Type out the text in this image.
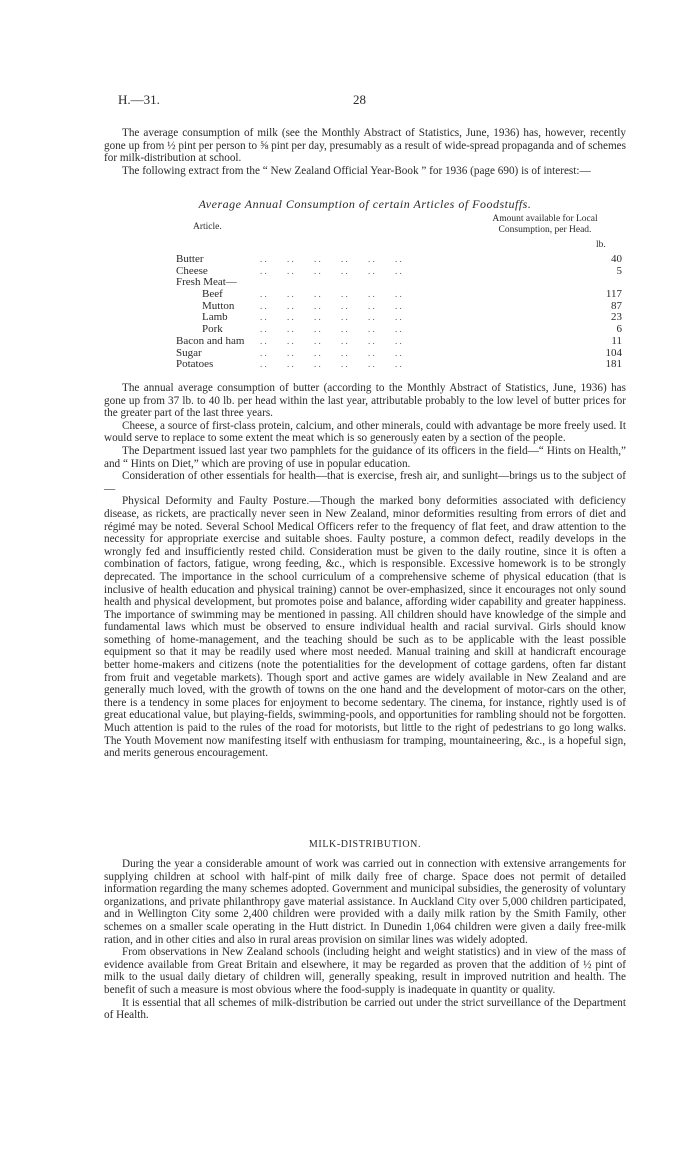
H.—31.	28

The average consumption of milk (see the Monthly Abstract of Statistics, June, 1936) has, however, recently gone up from ½ pint per person to ⅝ pint per day, presumably as a result of wide-spread propaganda and of schemes for milk-distribution at school.

The following extract from the “ New Zealand Official Year-Book ” for 1936 (page 690) is of interest:—

Average Annual Consumption of certain Articles of Foodstuffs.
Article.
Amount available for Local Consumption, per Head.
lb.
Butter	. .         . .         . .         . .         . .         . .	40
Cheese	. .         . .         . .         . .         . .         . .	5
Fresh Meat—
Beef	. .         . .         . .         . .         . .         . .	117
Mutton	. .         . .         . .         . .         . .         . .	87
Lamb	. .         . .         . .         . .         . .         . .	23
Pork	. .         . .         . .         . .         . .         . .	6
Bacon and ham . .         . .         . .         . .         . .         . .	11
Sugar	. .         . .         . .         . .         . .         . .	104
Potatoes	. .         . .         . .         . .         . .         . .	181

The annual average consumption of butter (according to the Monthly Abstract of Statistics, June, 1936) has gone up from 37 lb. to 40 lb. per head within the last year, attributable probably to the low level of butter prices for the greater part of the last three years.

Cheese, a source of first-class protein, calcium, and other minerals, could with advantage be more freely used. It would serve to replace to some extent the meat which is so generously eaten by a section of the people.

The Department issued last year two pamphlets for the guidance of its officers in the field—“ Hints on Health,” and “ Hints on Diet,” which are proving of use in popular education.

Consideration of other essentials for health—that is exercise, fresh air, and sunlight—brings us to the subject of—

Physical Deformity and Faulty Posture.—Though the marked bony deformities associated with deficiency disease, as rickets, are practically never seen in New Zealand, minor deformities resulting from errors of diet and régimé may be noted. Several School Medical Officers refer to the frequency of flat feet, and draw attention to the necessity for appropriate exercise and suitable shoes. Faulty posture, a common defect, readily develops in the wrongly fed and insufficiently rested child. Consideration must be given to the daily routine, since it is often a combination of factors, fatigue, wrong feeding, &c., which is responsible. Excessive homework is to be strongly deprecated. The importance in the school curriculum of a comprehensive scheme of physical education (that is inclusive of health education and physical training) cannot be over-emphasized, since it encourages not only sound health and physical development, but promotes poise and balance, affording wider capability and greater happiness. The importance of swimming may be mentioned in passing. All children should have knowledge of the simple and fundamental laws which must be observed to ensure individual health and racial survival. Girls should know something of home-management, and the teaching should be such as to be applicable with the least possible equipment so that it may be readily used where most needed. Manual training and skill at handicraft encourage better home-makers and citizens (note the potentialities for the development of cottage gardens, often far distant from fruit and vegetable markets). Though sport and active games are widely available in New Zealand and are generally much loved, with the growth of towns on the one hand and the development of motor-cars on the other, there is a tendency in some places for enjoyment to become sedentary. The cinema, for instance, rightly used is of great educational value, but playing-fields, swimming-pools, and opportunities for rambling should not be forgotten. Much attention is paid to the rules of the road for motorists, but little to the right of pedestrians to go long walks. The Youth Movement now manifesting itself with enthusiasm for tramping, mountaineering, &c., is a hopeful sign, and merits generous encouragement.

MILK-DISTRIBUTION.

During the year a considerable amount of work was carried out in connection with extensive arrangements for supplying children at school with half-pint of milk daily free of charge. Space does not permit of detailed information regarding the many schemes adopted. Government and municipal subsidies, the generosity of voluntary organizations, and private philanthropy gave material assistance. In Auckland City over 5,000 children participated, and in Wellington City some 2,400 children were provided with a daily milk ration by the Smith Family, other schemes on a smaller scale operating in the Hutt district. In Dunedin 1,064 children were given a daily free-milk ration, and in other cities and also in rural areas provision on similar lines was widely adopted.

From observations in New Zealand schools (including height and weight statistics) and in view of the mass of evidence available from Great Britain and elsewhere, it may be regarded as proven that the addition of ½ pint of milk to the usual daily dietary of children will, generally speaking, result in improved nutrition and health. The benefit of such a measure is most obvious where the food-supply is inadequate in quantity or quality.

It is essential that all schemes of milk-distribution be carried out under the strict surveillance of the Department of Health.
